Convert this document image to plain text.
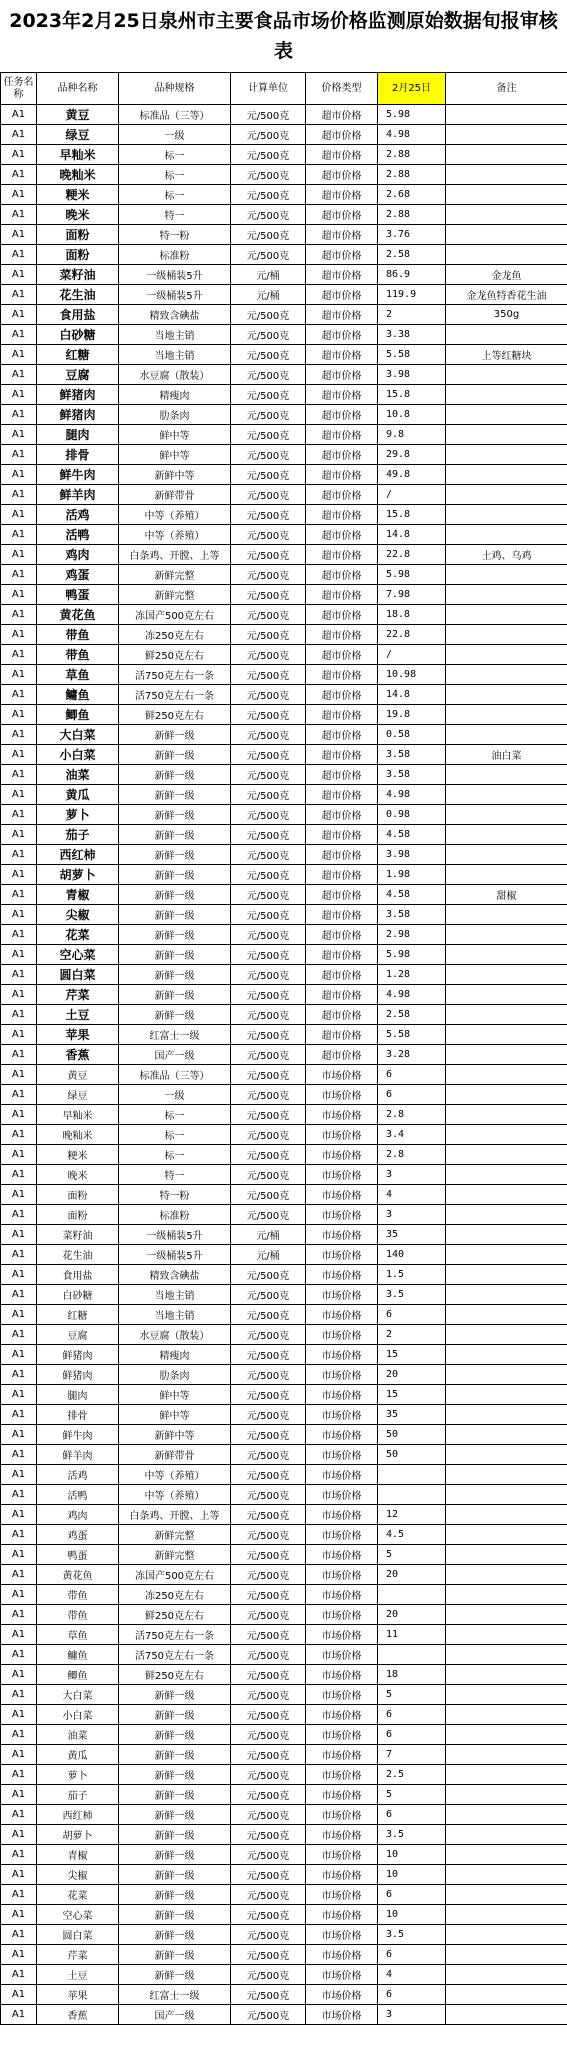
2023年2月25日泉州市主要食品市场价格监测原始数据旬报审核表
任务名称	品种名称	品种规格	计算单位	价格类型	2月25日	备注
A1	黄豆	标准品（三等）	元/500克	超市价格	5.98	
A1	绿豆	一级	元/500克	超市价格	4.98	
A1	早籼米	标一	元/500克	超市价格	2.88	
A1	晚籼米	标一	元/500克	超市价格	2.88	
A1	粳米	标一	元/500克	超市价格	2.68	
A1	晚米	特一	元/500克	超市价格	2.88	
A1	面粉	特一粉	元/500克	超市价格	3.76	
A1	面粉	标准粉	元/500克	超市价格	2.58	
A1	菜籽油	一级桶装5升	元/桶	超市价格	86.9	金龙鱼
A1	花生油	一级桶装5升	元/桶	超市价格	119.9	金龙鱼特香花生油
A1	食用盐	精致含碘盐	元/500克	超市价格	2	350g
A1	白砂糖	当地主销	元/500克	超市价格	3.38	
A1	红糖	当地主销	元/500克	超市价格	5.58	上等红糖块
A1	豆腐	水豆腐（散装）	元/500克	超市价格	3.98	
A1	鲜猪肉	精瘦肉	元/500克	超市价格	15.8	
A1	鲜猪肉	肋条肉	元/500克	超市价格	10.8	
A1	腿肉	鲜中等	元/500克	超市价格	9.8	
A1	排骨	鲜中等	元/500克	超市价格	29.8	
A1	鲜牛肉	新鲜中等	元/500克	超市价格	49.8	
A1	鲜羊肉	新鲜带骨	元/500克	超市价格	/	
A1	活鸡	中等（养殖）	元/500克	超市价格	15.8	
A1	活鸭	中等（养殖）	元/500克	超市价格	14.8	
A1	鸡肉	白条鸡、开膛、上等	元/500克	超市价格	22.8	土鸡、乌鸡
A1	鸡蛋	新鲜完整	元/500克	超市价格	5.98	
A1	鸭蛋	新鲜完整	元/500克	超市价格	7.98	
A1	黄花鱼	冻国产500克左右	元/500克	超市价格	18.8	
A1	带鱼	冻250克左右	元/500克	超市价格	22.8	
A1	带鱼	鲜250克左右	元/500克	超市价格	/	
A1	草鱼	活750克左右一条	元/500克	超市价格	10.98	
A1	鳙鱼	活750克左右一条	元/500克	超市价格	14.8	
A1	鲫鱼	鲜250克左右	元/500克	超市价格	19.8	
A1	大白菜	新鲜一级	元/500克	超市价格	0.58	
A1	小白菜	新鲜一级	元/500克	超市价格	3.58	油白菜
A1	油菜	新鲜一级	元/500克	超市价格	3.58	
A1	黄瓜	新鲜一级	元/500克	超市价格	4.98	
A1	萝卜	新鲜一级	元/500克	超市价格	0.98	
A1	茄子	新鲜一级	元/500克	超市价格	4.58	
A1	西红柿	新鲜一级	元/500克	超市价格	3.98	
A1	胡萝卜	新鲜一级	元/500克	超市价格	1.98	
A1	青椒	新鲜一级	元/500克	超市价格	4.58	甜椒
A1	尖椒	新鲜一级	元/500克	超市价格	3.58	
A1	花菜	新鲜一级	元/500克	超市价格	2.98	
A1	空心菜	新鲜一级	元/500克	超市价格	5.98	
A1	圆白菜	新鲜一级	元/500克	超市价格	1.28	
A1	芹菜	新鲜一级	元/500克	超市价格	4.98	
A1	土豆	新鲜一级	元/500克	超市价格	2.58	
A1	苹果	红富士一级	元/500克	超市价格	5.58	
A1	香蕉	国产一级	元/500克	超市价格	3.28	
A1	黄豆	标准品（三等）	元/500克	市场价格	6	
A1	绿豆	一级	元/500克	市场价格	6	
A1	早籼米	标一	元/500克	市场价格	2.8	
A1	晚籼米	标一	元/500克	市场价格	3.4	
A1	粳米	标一	元/500克	市场价格	2.8	
A1	晚米	特一	元/500克	市场价格	3	
A1	面粉	特一粉	元/500克	市场价格	4	
A1	面粉	标准粉	元/500克	市场价格	3	
A1	菜籽油	一级桶装5升	元/桶	市场价格	35	
A1	花生油	一级桶装5升	元/桶	市场价格	140	
A1	食用盐	精致含碘盐	元/500克	市场价格	1.5	
A1	白砂糖	当地主销	元/500克	市场价格	3.5	
A1	红糖	当地主销	元/500克	市场价格	6	
A1	豆腐	水豆腐（散装）	元/500克	市场价格	2	
A1	鲜猪肉	精瘦肉	元/500克	市场价格	15	
A1	鲜猪肉	肋条肉	元/500克	市场价格	20	
A1	腿肉	鲜中等	元/500克	市场价格	15	
A1	排骨	鲜中等	元/500克	市场价格	35	
A1	鲜牛肉	新鲜中等	元/500克	市场价格	50	
A1	鲜羊肉	新鲜带骨	元/500克	市场价格	50	
A1	活鸡	中等（养殖）	元/500克	市场价格		
A1	活鸭	中等（养殖）	元/500克	市场价格		
A1	鸡肉	白条鸡、开膛、上等	元/500克	市场价格	12	
A1	鸡蛋	新鲜完整	元/500克	市场价格	4.5	
A1	鸭蛋	新鲜完整	元/500克	市场价格	5	
A1	黄花鱼	冻国产500克左右	元/500克	市场价格	20	
A1	带鱼	冻250克左右	元/500克	市场价格		
A1	带鱼	鲜250克左右	元/500克	市场价格	20	
A1	草鱼	活750克左右一条	元/500克	市场价格	11	
A1	鳙鱼	活750克左右一条	元/500克	市场价格		
A1	鲫鱼	鲜250克左右	元/500克	市场价格	18	
A1	大白菜	新鲜一级	元/500克	市场价格	5	
A1	小白菜	新鲜一级	元/500克	市场价格	6	
A1	油菜	新鲜一级	元/500克	市场价格	6	
A1	黄瓜	新鲜一级	元/500克	市场价格	7	
A1	萝卜	新鲜一级	元/500克	市场价格	2.5	
A1	茄子	新鲜一级	元/500克	市场价格	5	
A1	西红柿	新鲜一级	元/500克	市场价格	6	
A1	胡萝卜	新鲜一级	元/500克	市场价格	3.5	
A1	青椒	新鲜一级	元/500克	市场价格	10	
A1	尖椒	新鲜一级	元/500克	市场价格	10	
A1	花菜	新鲜一级	元/500克	市场价格	6	
A1	空心菜	新鲜一级	元/500克	市场价格	10	
A1	圆白菜	新鲜一级	元/500克	市场价格	3.5	
A1	芹菜	新鲜一级	元/500克	市场价格	6	
A1	土豆	新鲜一级	元/500克	市场价格	4	
A1	苹果	红富士一级	元/500克	市场价格	6	
A1	香蕉	国产一级	元/500克	市场价格	3	
